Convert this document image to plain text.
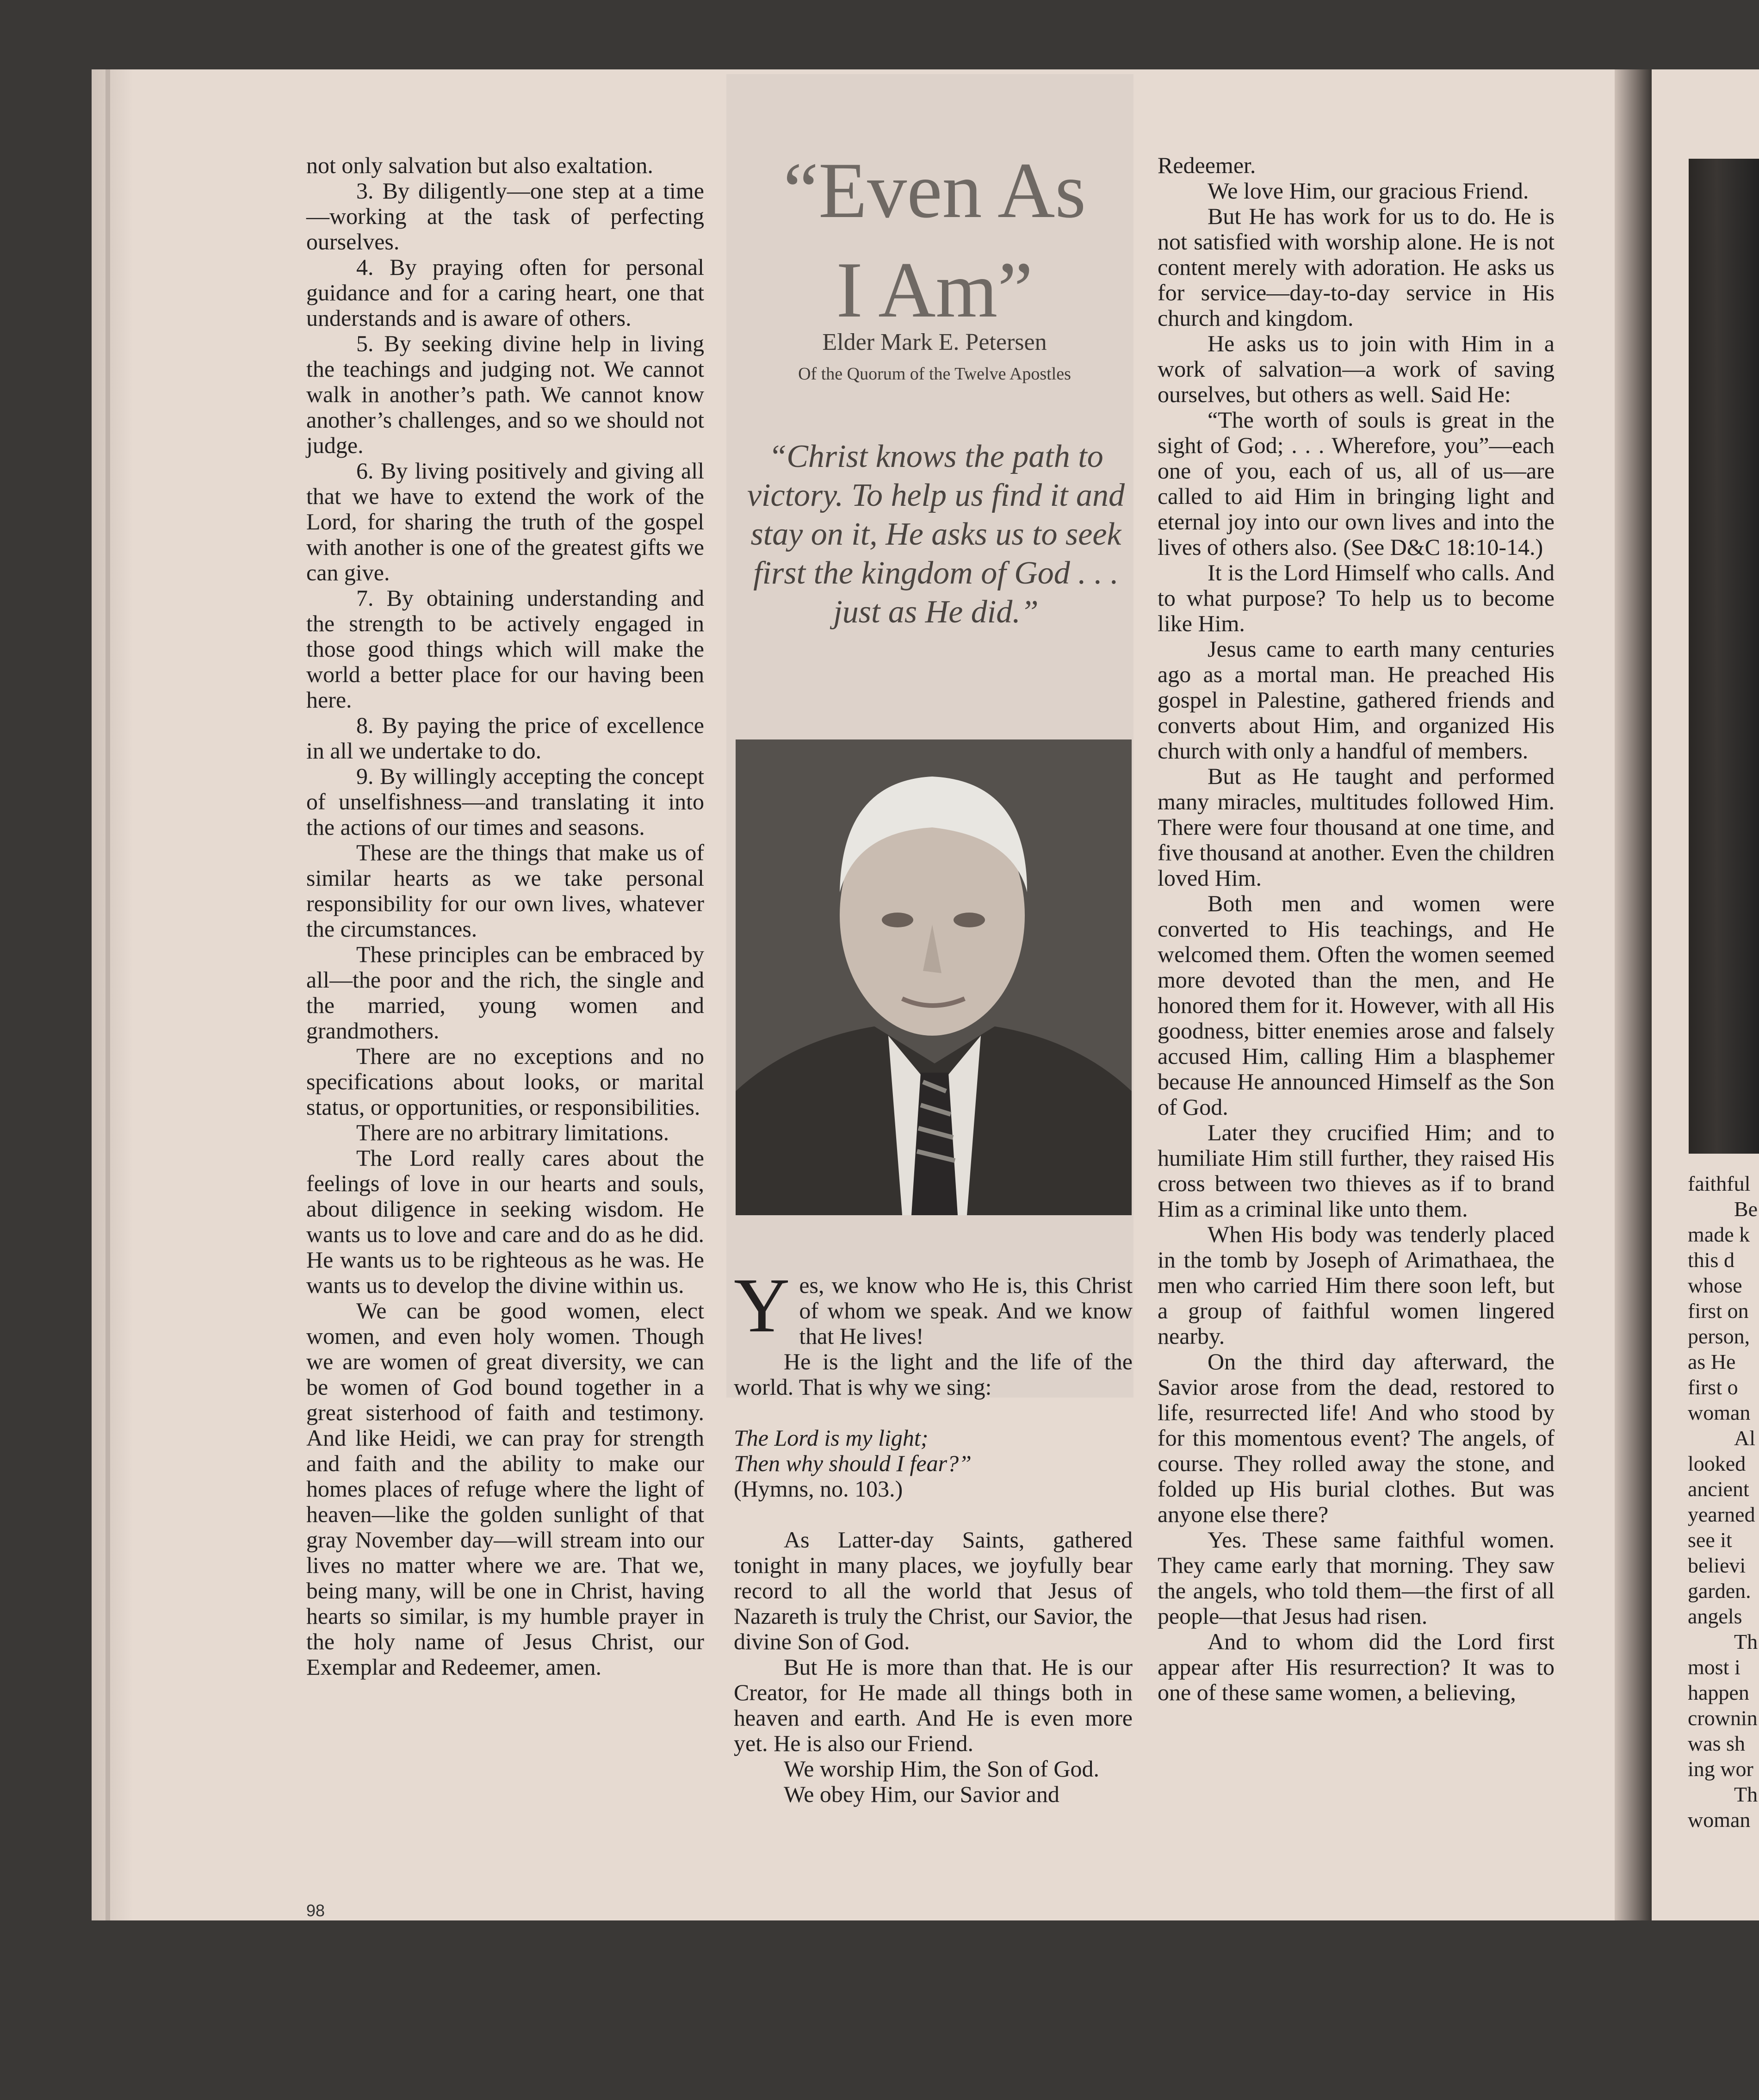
not only salvation but also exaltation.

3. By diligently—one step at a time—working at the task of perfecting ourselves.

4. By praying often for personal guidance and for a caring heart, one that understands and is aware of others.

5. By seeking divine help in living the teachings and judging not. We cannot walk in another’s path. We cannot know another’s challenges, and so we should not judge.

6. By living positively and giving all that we have to extend the work of the Lord, for sharing the truth of the gospel with another is one of the greatest gifts we can give.

7. By obtaining understanding and the strength to be actively engaged in those good things which will make the world a better place for our having been here.

8. By paying the price of excellence in all we undertake to do.

9. By willingly accepting the concept of unselfishness—and translating it into the actions of our times and seasons.

These are the things that make us of similar hearts as we take personal responsibility for our own lives, whatever the circumstances.

These principles can be embraced by all—the poor and the rich, the single and the married, young women and grandmothers.

There are no exceptions and no specifications about looks, or marital status, or opportunities, or responsibilities.

There are no arbitrary limitations.

The Lord really cares about the feelings of love in our hearts and souls, about diligence in seeking wisdom. He wants us to love and care and do as he did. He wants us to be righteous as he was. He wants us to develop the divine within us.

We can be good women, elect women, and even holy women. Though we are women of great diversity, we can be women of God bound together in a great sisterhood of faith and testimony. And like Heidi, we can pray for strength and faith and the ability to make our homes places of refuge where the light of heaven—like the golden sunlight of that gray November day—will stream into our lives no matter where we are. That we, being many, will be one in Christ, having hearts so similar, is my humble prayer in the holy name of Jesus Christ, our Exemplar and Redeemer, amen.

“Even As
I Am”
Elder Mark E. Petersen
Of the Quorum of the Twelve Apostles
“Christ knows the path to victory. To help us find it and stay on it, He asks us to seek first the kingdom of God . . . just as He did.”

Yes, we know who He is, this Christ of whom we speak. And we know that He lives!

He is the light and the life of the world. That is why we sing:

The Lord is my light;

Then why should I fear?”

(Hymns, no. 103.)

As Latter-day Saints, gathered tonight in many places, we joyfully bear record to all the world that Jesus of Nazareth is truly the Christ, our Savior, the divine Son of God.

But He is more than that. He is our Creator, for He made all things both in heaven and earth. And He is even more yet. He is also our Friend.

We worship Him, the Son of God.

We obey Him, our Savior and

Redeemer.

We love Him, our gracious Friend.

But He has work for us to do. He is not satisfied with worship alone. He is not content merely with adoration. He asks us for service—day-to-day service in His church and kingdom.

He asks us to join with Him in a work of salvation—a work of saving ourselves, but others as well. Said He:

“The worth of souls is great in the sight of God; . . . Wherefore, you”—each one of you, each of us, all of us—are called to aid Him in bringing light and eternal joy into our own lives and into the lives of others also. (See D&C 18:10-14.)

It is the Lord Himself who calls. And to what purpose? To help us to become like Him.

Jesus came to earth many centuries ago as a mortal man. He preached His gospel in Palestine, gathered friends and converts about Him, and organized His church with only a handful of members.

But as He taught and performed many miracles, multitudes followed Him. There were four thousand at one time, and five thousand at another. Even the children loved Him.

Both men and women were converted to His teachings, and He welcomed them. Often the women seemed more devoted than the men, and He honored them for it. However, with all His goodness, bitter enemies arose and falsely accused Him, calling Him a blasphemer because He announced Himself as the Son of God.

Later they crucified Him; and to humiliate Him still further, they raised His cross between two thieves as if to brand Him as a criminal like unto them.

When His body was tenderly placed in the tomb by Joseph of Arimathaea, the men who carried Him there soon left, but a group of faithful women lingered nearby.

On the third day afterward, the Savior arose from the dead, restored to life, resurrected life! And who stood by for this momentous event? The angels, of course. They rolled away the stone, and folded up His burial clothes. But was anyone else there?

Yes. These same faithful women. They came early that morning. They saw the angels, who told them—the first of all people—that Jesus had risen.

And to whom did the Lord first appear after His resurrection? It was to one of these same women, a believing,

faithful
Be
made k
this d
whose
first on
person,
as He
first o
woman
Al
looked
ancient
yearned
see it
believi
garden.
angels
Th
most i
happen
crownin
was sh
ing wor
Th
woman
98
